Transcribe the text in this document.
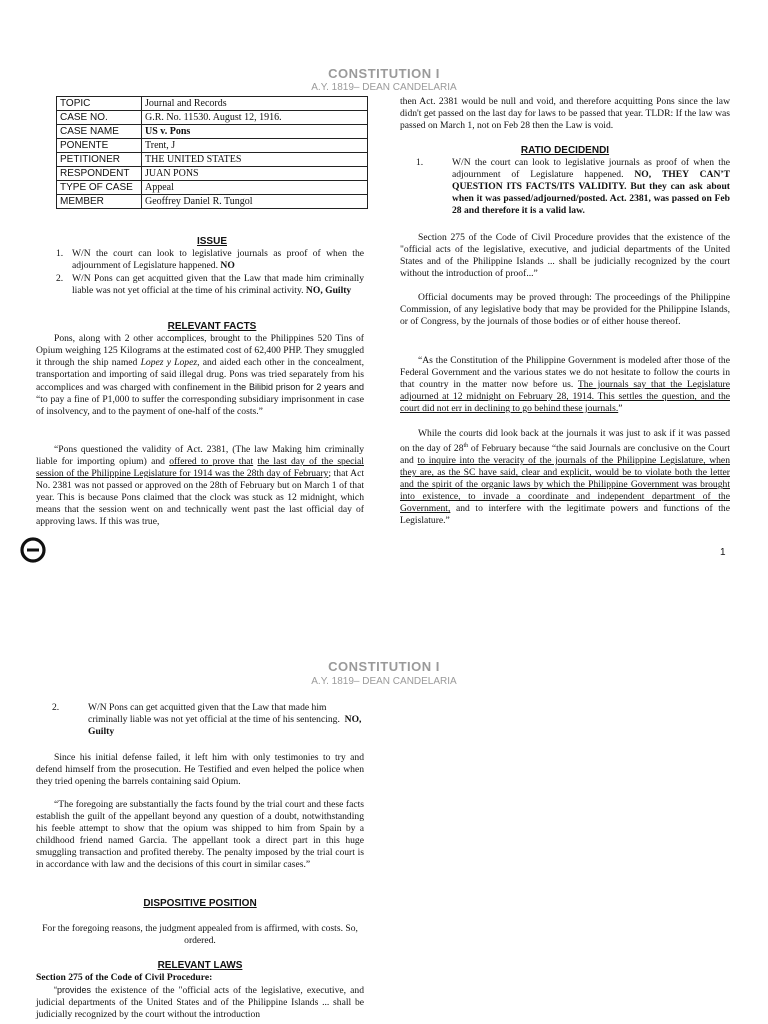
CONSTITUTION I
A.Y. 1819– DEAN CANDELARIA
TOPIC	Journal and Records
CASE NO.	G.R. No. 11530. August 12, 1916.
CASE NAME	US v. Pons
PONENTE	Trent, J
PETITIONER	THE UNITED STATES
RESPONDENT	JUAN PONS
TYPE OF CASE	Appeal
MEMBER	Geoffrey Daniel R. Tungol
ISSUE
1. W/N the court can look to legislative journals as proof of when the adjournment of Legislature happened. NO
2. W/N Pons can get acquitted given that the Law that made him criminally liable was not yet official at the time of his criminal activity. NO, Guilty
RELEVANT FACTS

Pons, along with 2 other accomplices, brought to the Philippines 520 Tins of Opium weighing 125 Kilograms at the estimated cost of 62,400 PHP. They smuggled it through the ship named Lopez y Lopez, and aided each other in the concealment, transportation and importing of said illegal drug. Pons was tried separately from his accomplices and was charged with confinement in the Bilibid prison for 2 years and “to pay a fine of P1,000 to suffer the corresponding subsidiary imprisonment in case of insolvency, and to the payment of one-half of the costs.”

“Pons questioned the validity of Act. 2381, (The law Making him criminally liable for importing opium) and offered to prove that the last day of the special session of the Philippine Legislature for 1914 was the 28th day of February; that Act No. 2381 was not passed or approved on the 28th of February but on March 1 of that year. This is because Pons claimed that the clock was stuck as 12 midnight, which means that the session went on and technically went past the last official day of approving laws. If this was true,

then Act. 2381 would be null and void, and therefore acquitting Pons since the law didn't get passed on the last day for laws to be passed that year. TLDR: If the law was passed on March 1, not on Feb 28 then the Law is void.

RATIO DECIDENDI
1.	W/N the court can look to legislative journals as proof of when the adjournment of Legislature happened. NO, THEY CAN’T QUESTION ITS FACTS/ITS VALIDITY. But they can ask about when it was passed/adjourned/posted. Act. 2381, was passed on Feb 28 and therefore it is a valid law.

Section 275 of the Code of Civil Procedure provides that the existence of the "official acts of the legislative, executive, and judicial departments of the United States and of the Philippine Islands ... shall be judicially recognized by the court without the introduction of proof...”

Official documents may be proved through: The proceedings of the Philippine Commission, of any legislative body that may be provided for the Philippine Islands, or of Congress, by the journals of those bodies or of either house thereof.

“As the Constitution of the Philippine Government is modeled after those of the Federal Government and the various states we do not hesitate to follow the courts in that country in the matter now before us. The journals say that the Legislature adjourned at 12 midnight on February 28, 1914. This settles the question, and the court did not err in declining to go behind these journals.”

While the courts did look back at the journals it was just to ask if it was passed on the day of 28th of February because “the said Journals are conclusive on the Court and to inquire into the veracity of the journals of the Philippine Legislature, when they are, as the SC have said, clear and explicit, would be to violate both the letter and the spirit of the organic laws by which the Philippine Government was brought into existence, to invade a coordinate and independent department of the Government, and to interfere with the legitimate powers and functions of the Legislature.”

1
CONSTITUTION I
A.Y. 1819– DEAN CANDELARIA
2.	W/N Pons can get acquitted given that the Law that made him criminally liable was not yet official at the time of his sentencing. NO, Guilty

Since his initial defense failed, it left him with only testimonies to try and defend himself from the prosecution. He Testified and even helped the police when they tried opening the barrels containing said Opium.

“The foregoing are substantially the facts found by the trial court and these facts establish the guilt of the appellant beyond any question of a doubt, notwithstanding his feeble attempt to show that the opium was shipped to him from Spain by a childhood friend named Garcia. The appellant took a direct part in this huge smuggling transaction and profited thereby. The penalty imposed by the trial court is in accordance with law and the decisions of this court in similar cases.”

DISPOSITIVE POSITION

For the foregoing reasons, the judgment appealed from is affirmed, with costs. So, ordered.

RELEVANT LAWS

Section 275 of the Code of Civil Procedure:

“provides the existence of the "official acts of the legislative, executive, and judicial departments of the United States and of the Philippine Islands ... shall be judicially recognized by the court without the introduction
